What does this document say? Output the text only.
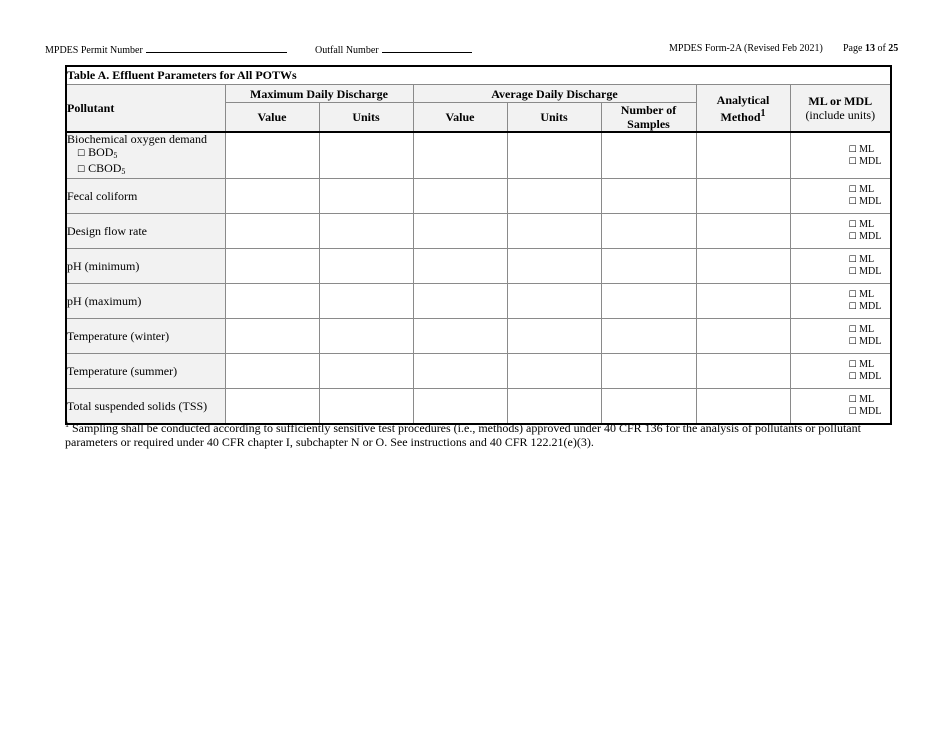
MPDES Permit Number	Outfall Number	MPDES Form-2A (Revised Feb 2021) Page 13 of 25
Table A. Effluent Parameters for All POTWs							
Pollutant	Maximum Daily Discharge		Average Daily Discharge			Analytical Method$^1$	ML or MDL
(include units)
	Value	Units	Value	Units	Number of Samples		
Biochemical oxygen demand
☐ $BOD_5$
☐ $CBOD_5$							☐ ML
☐ MDL

Fecal coliform							☐ ML
☐ MDL

Design flow rate							☐ ML
☐ MDL

pH (minimum)							☐ ML
☐ MDL

pH (maximum)							☐ ML
☐ MDL

Temperature (winter)							☐ ML
☐ MDL

Temperature (summer)							☐ ML
☐ MDL

Total suspended solids (TSS)							☐ ML
☐ MDL
$^1$ Sampling shall be conducted according to sufficiently sensitive test procedures (i.e., methods) approved under 40 CFR 136 for the analysis of pollutants or pollutant parameters or required under 40 CFR chapter I, subchapter N or O. See instructions and 40 CFR 122.21(e)(3).
